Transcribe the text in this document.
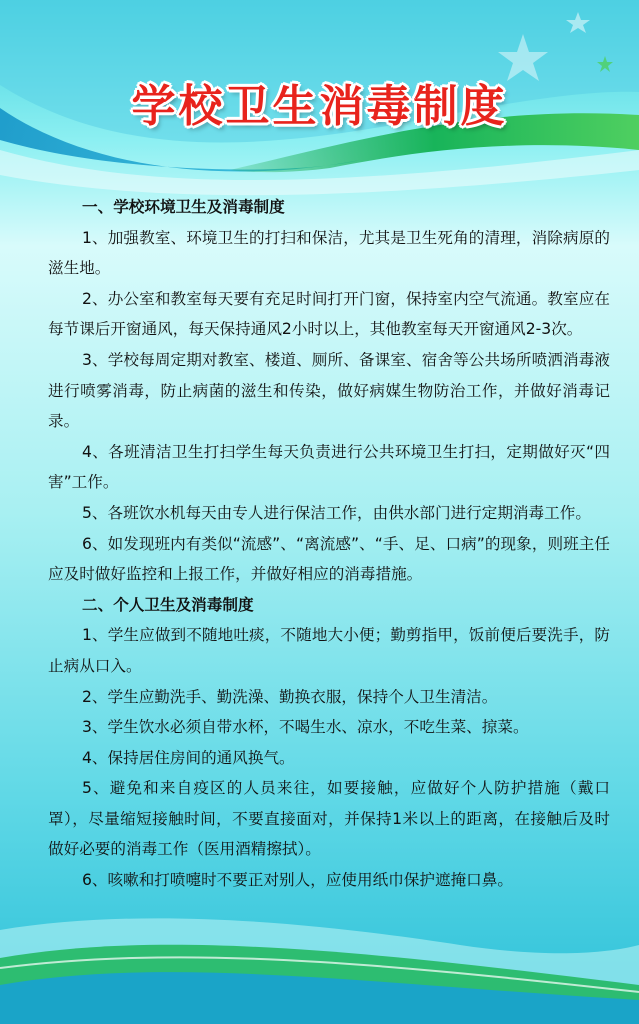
学校卫生消毒制度
一、学校环境卫生及消毒制度
1、加强教室、环境卫生的打扫和保洁，尤其是卫生死角的清理，消除病原的滋生地。
2、办公室和教室每天要有充足时间打开门窗，保持室内空气流通。教室应在每节课后开窗通风，每天保持通风2小时以上，其他教室每天开窗通风2-3次。
3、学校每周定期对教室、楼道、厕所、备课室、宿舍等公共场所喷洒消毒液进行喷雾消毒，防止病菌的滋生和传染，做好病媒生物防治工作，并做好消毒记录。
4、各班清洁卫生打扫学生每天负责进行公共环境卫生打扫，定期做好灭“四害”工作。
5、各班饮水机每天由专人进行保洁工作，由供水部门进行定期消毒工作。
6、如发现班内有类似“流感”、“离流感”、“手、足、口病”的现象，则班主任应及时做好监控和上报工作，并做好相应的消毒措施。
二、个人卫生及消毒制度
1、学生应做到不随地吐痰，不随地大小便；勤剪指甲，饭前便后要洗手，防止病从口入。
2、学生应勤洗手、勤洗澡、勤换衣服，保持个人卫生清洁。
3、学生饮水必须自带水杯，不喝生水、凉水，不吃生菜、掠菜。
4、保持居住房间的通风换气。
5、避免和来自疫区的人员来往，如要接触，应做好个人防护措施（戴口罩），尽量缩短接触时间，不要直接面对，并保持1米以上的距离，在接触后及时做好必要的消毒工作（医用酒精擦拭）。
6、咳嗽和打喷嚏时不要正对别人，应使用纸巾保护遮掩口鼻。
